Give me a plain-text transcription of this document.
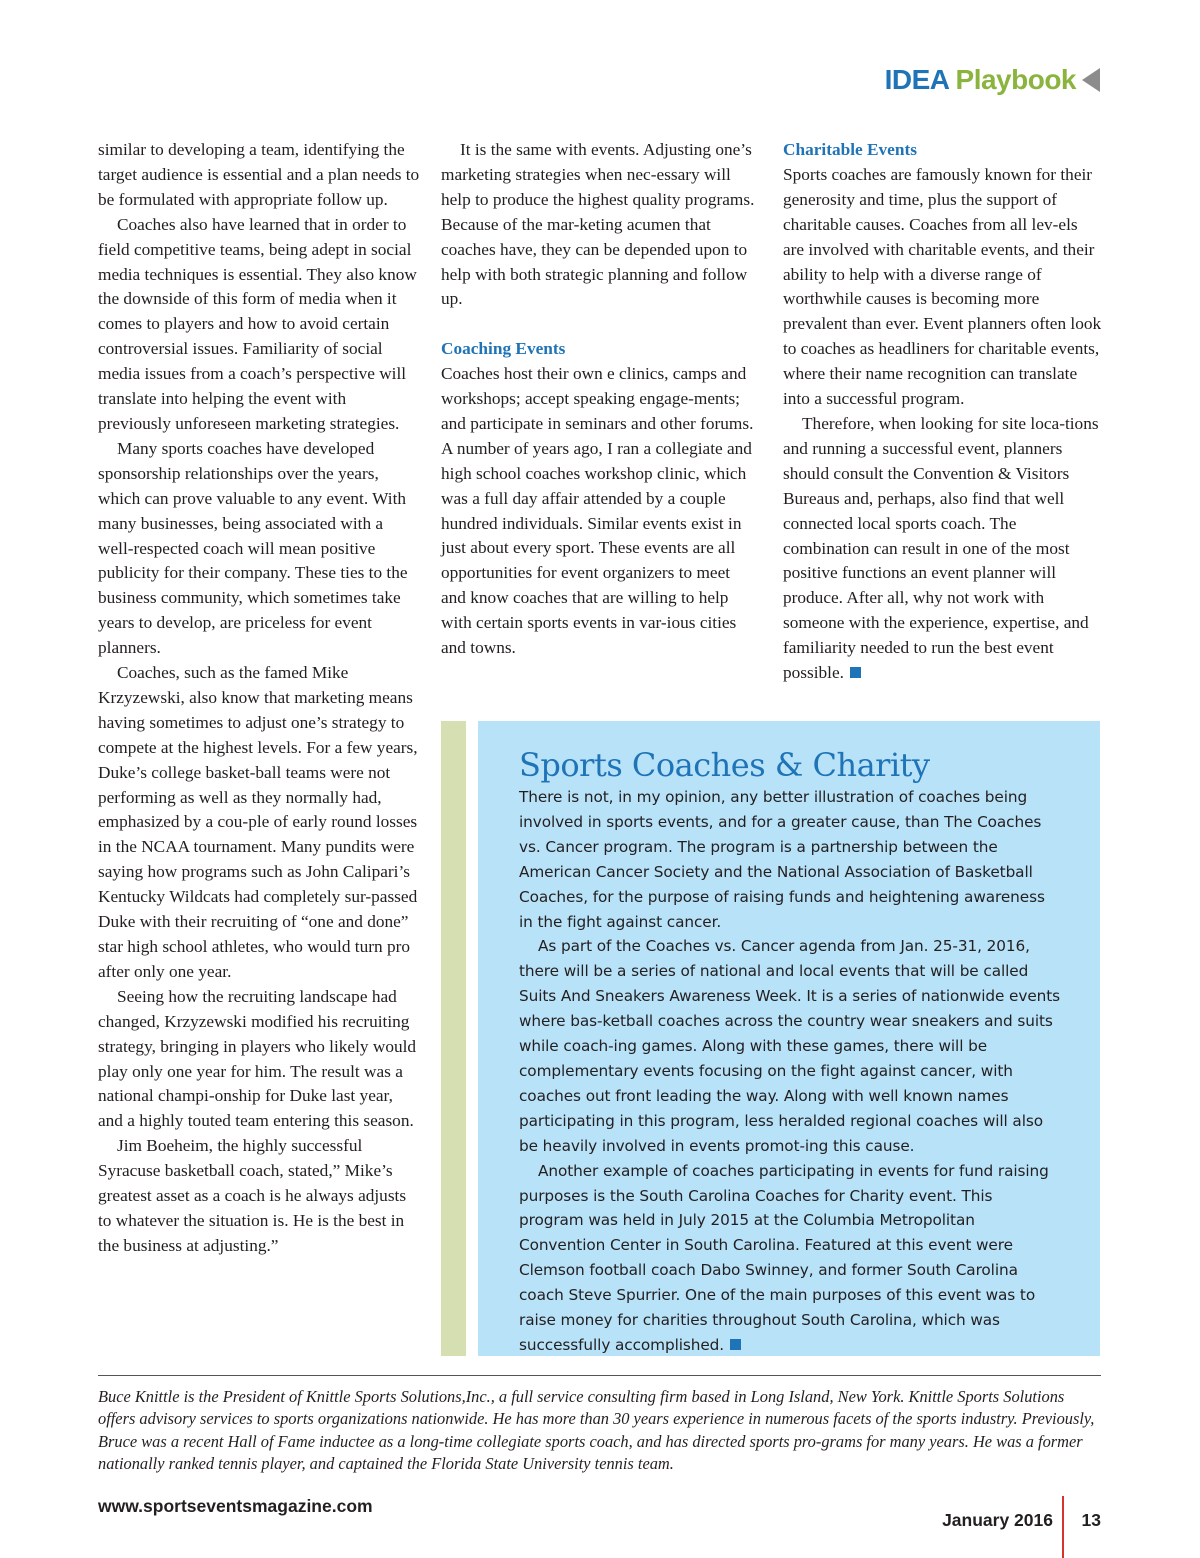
IDEA Playbook

similar to developing a team, identifying the target audience is essential and a plan needs to be formulated with appropriate follow up.

Coaches also have learned that in order to field competitive teams, being adept in social media techniques is essential. They also know the downside of this form of media when it comes to players and how to avoid certain controversial issues. Familiarity of social media issues from a coach’s perspective will translate into helping the event with previously unforeseen marketing strategies.

Many sports coaches have developed sponsorship relationships over the years, which can prove valuable to any event. With many businesses, being associated with a well-respected coach will mean positive publicity for their company. These ties to the business community, which sometimes take years to develop, are priceless for event planners.

Coaches, such as the famed Mike Krzyzewski, also know that marketing means having sometimes to adjust one’s strategy to compete at the highest levels. For a few years, Duke’s college basket-ball teams were not performing as well as they normally had, emphasized by a cou-ple of early round losses in the NCAA tournament. Many pundits were saying how programs such as John Calipari’s Kentucky Wildcats had completely sur-passed Duke with their recruiting of “one and done” star high school athletes, who would turn pro after only one year.

Seeing how the recruiting landscape had changed, Krzyzewski modified his recruiting strategy, bringing in players who likely would play only one year for him. The result was a national champi-onship for Duke last year, and a highly touted team entering this season.

Jim Boeheim, the highly successful Syracuse basketball coach, stated,” Mike’s greatest asset as a coach is he always adjusts to whatever the situation is. He is the best in the business at adjusting.”

It is the same with events. Adjusting one’s marketing strategies when nec-essary will help to produce the highest quality programs. Because of the mar-keting acumen that coaches have, they can be depended upon to help with both strategic planning and follow up.

Coaching Events

Coaches host their own e clinics, camps and workshops; accept speaking engage-ments; and participate in seminars and other forums. A number of years ago, I ran a collegiate and high school coaches workshop clinic, which was a full day affair attended by a couple hundred individuals. Similar events exist in just about every sport. These events are all opportunities for event organizers to meet and know coaches that are willing to help with certain sports events in var-ious cities and towns.

Charitable Events

Sports coaches are famously known for their generosity and time, plus the support of charitable causes. Coaches from all lev-els are involved with charitable events, and their ability to help with a diverse range of worthwhile causes is becoming more prevalent than ever. Event planners often look to coaches as headliners for charitable events, where their name recognition can translate into a successful program.

Therefore, when looking for site loca-tions and running a successful event, planners should consult the Convention & Visitors Bureaus and, perhaps, also find that well connected local sports coach. The combination can result in one of the most positive functions an event planner will produce. After all, why not work with someone with the experience, expertise, and familiarity needed to run the best event possible.

Sports Coaches & Charity

There is not, in my opinion, any better illustration of coaches being involved in sports events, and for a greater cause, than The Coaches vs. Cancer program. The program is a partnership between the American Cancer Society and the National Association of Basketball Coaches, for the purpose of raising funds and heightening awareness in the fight against cancer.

As part of the Coaches vs. Cancer agenda from Jan. 25-31, 2016, there will be a series of national and local events that will be called Suits And Sneakers Awareness Week. It is a series of nationwide events where bas-ketball coaches across the country wear sneakers and suits while coach-ing games. Along with these games, there will be complementary events focusing on the fight against cancer, with coaches out front leading the way. Along with well known names participating in this program, less heralded regional coaches will also be heavily involved in events promot-ing this cause.

Another example of coaches participating in events for fund raising purposes is the South Carolina Coaches for Charity event. This program was held in July 2015 at the Columbia Metropolitan Convention Center in South Carolina. Featured at this event were Clemson football coach Dabo Swinney, and former South Carolina coach Steve Spurrier. One of the main purposes of this event was to raise money for charities throughout South Carolina, which was successfully accomplished.

Buce Knittle is the President of Knittle Sports Solutions,Inc., a full service consulting firm based in Long Island, New York. Knittle Sports Solutions offers advisory services to sports organizations nationwide. He has more than 30 years experience in numerous facets of the sports industry. Previously, Bruce was a recent Hall of Fame inductee as a long-time collegiate sports coach, and has directed sports pro-grams for many years. He was a former nationally ranked tennis player, and captained the Florida State University tennis team.
www.sportseventsmagazine.com
January 2016 13
